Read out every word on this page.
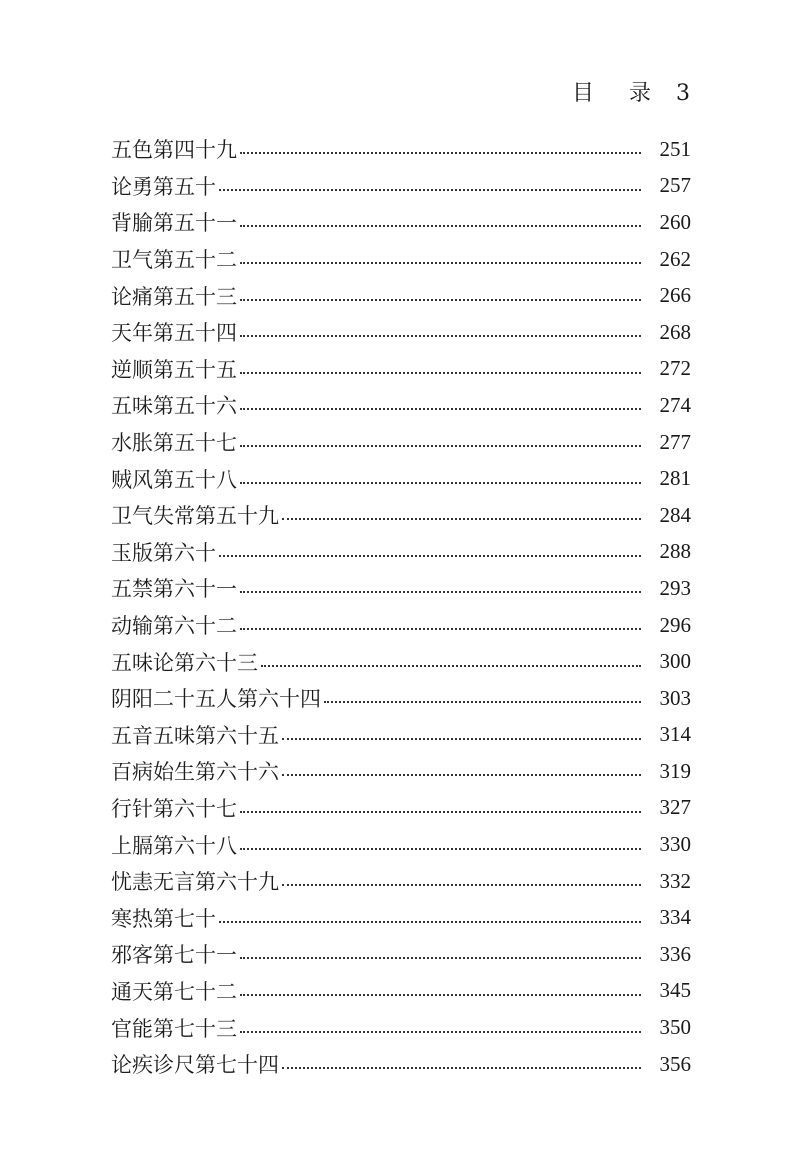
目 录 3
五色第四十九	251
论勇第五十	257
背腧第五十一	260
卫气第五十二	262
论痛第五十三	266
天年第五十四	268
逆顺第五十五	272
五味第五十六	274
水胀第五十七	277
贼风第五十八	281
卫气失常第五十九	284
玉版第六十	288
五禁第六十一	293
动输第六十二	296
五味论第六十三	300
阴阳二十五人第六十四	303
五音五味第六十五	314
百病始生第六十六	319
行针第六十七	327
上膈第六十八	330
忧恚无言第六十九	332
寒热第七十	334
邪客第七十一	336
通天第七十二	345
官能第七十三	350
论疾诊尺第七十四	356
